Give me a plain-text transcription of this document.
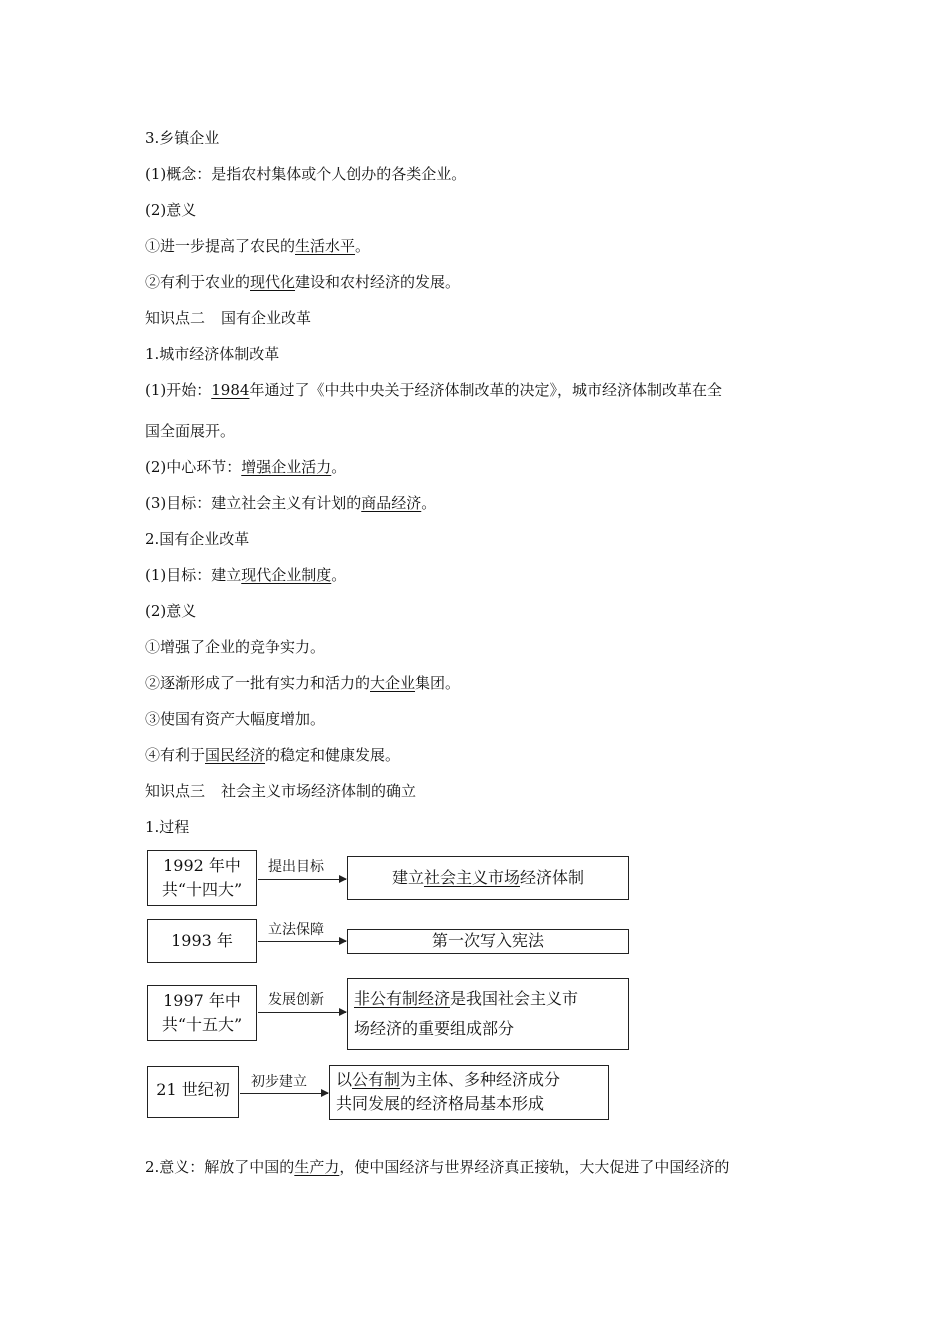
3.乡镇企业
(1)概念：是指农村集体或个人创办的各类企业。
(2)意义
①进一步提高了农民的生活水平。
②有利于农业的现代化建设和农村经济的发展。
知识点二 国有企业改革
1.城市经济体制改革
(1)开始：1984年通过了《中共中央关于经济体制改革的决定》，城市经济体制改革在全
国全面展开。
(2)中心环节：增强企业活力。
(3)目标：建立社会主义有计划的商品经济。
2.国有企业改革
(1)目标：建立现代企业制度。
(2)意义
①增强了企业的竞争实力。
②逐渐形成了一批有实力和活力的大企业集团。
③使国有资产大幅度增加。
④有利于国民经济的稳定和健康发展。
知识点三 社会主义市场经济体制的确立
1.过程
1992 年中
共“十四大”
提出目标
建立社会主义市场经济体制
1993 年
立法保障
第一次写入宪法
1997 年中
共“十五大”
发展创新 非公有制经济是我国社会主义市
场经济的重要组成部分
21 世纪初	初步建立 以公有制为主体、多种经济成分
共同发展的经济格局基本形成
2.意义：解放了中国的生产力，使中国经济与世界经济真正接轨，大大促进了中国经济的
